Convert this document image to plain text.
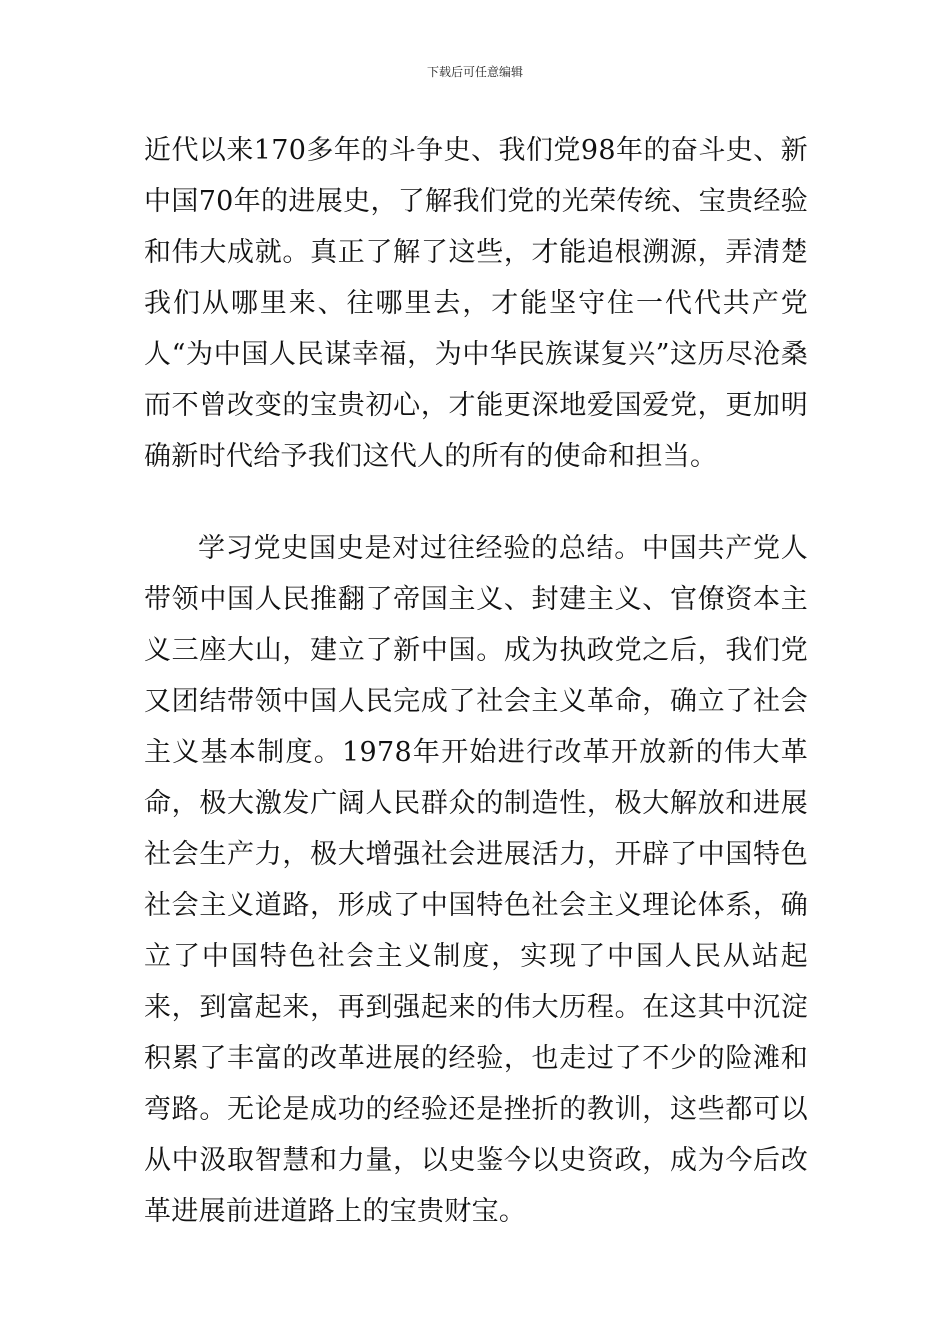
下载后可任意编辑

近代以来170多年的斗争史、我们党98年的奋斗史、新中国70年的进展史，了解我们党的光荣传统、宝贵经验和伟大成就。真正了解了这些，才能追根溯源，弄清楚我们从哪里来、往哪里去，才能坚守住一代代共产党人“为中国人民谋幸福，为中华民族谋复兴”这历尽沧桑而不曾改变的宝贵初心，才能更深地爱国爱党，更加明确新时代给予我们这代人的所有的使命和担当。

学习党史国史是对过往经验的总结。中国共产党人带领中国人民推翻了帝国主义、封建主义、官僚资本主义三座大山，建立了新中国。成为执政党之后，我们党又团结带领中国人民完成了社会主义革命，确立了社会主义基本制度。1978年开始进行改革开放新的伟大革命，极大激发广阔人民群众的制造性，极大解放和进展社会生产力，极大增强社会进展活力，开辟了中国特色社会主义道路，形成了中国特色社会主义理论体系，确立了中国特色社会主义制度，实现了中国人民从站起来，到富起来，再到强起来的伟大历程。在这其中沉淀积累了丰富的改革进展的经验，也走过了不少的险滩和弯路。无论是成功的经验还是挫折的教训，这些都可以从中汲取智慧和力量，以史鉴今以史资政，成为今后改革进展前进道路上的宝贵财宝。
